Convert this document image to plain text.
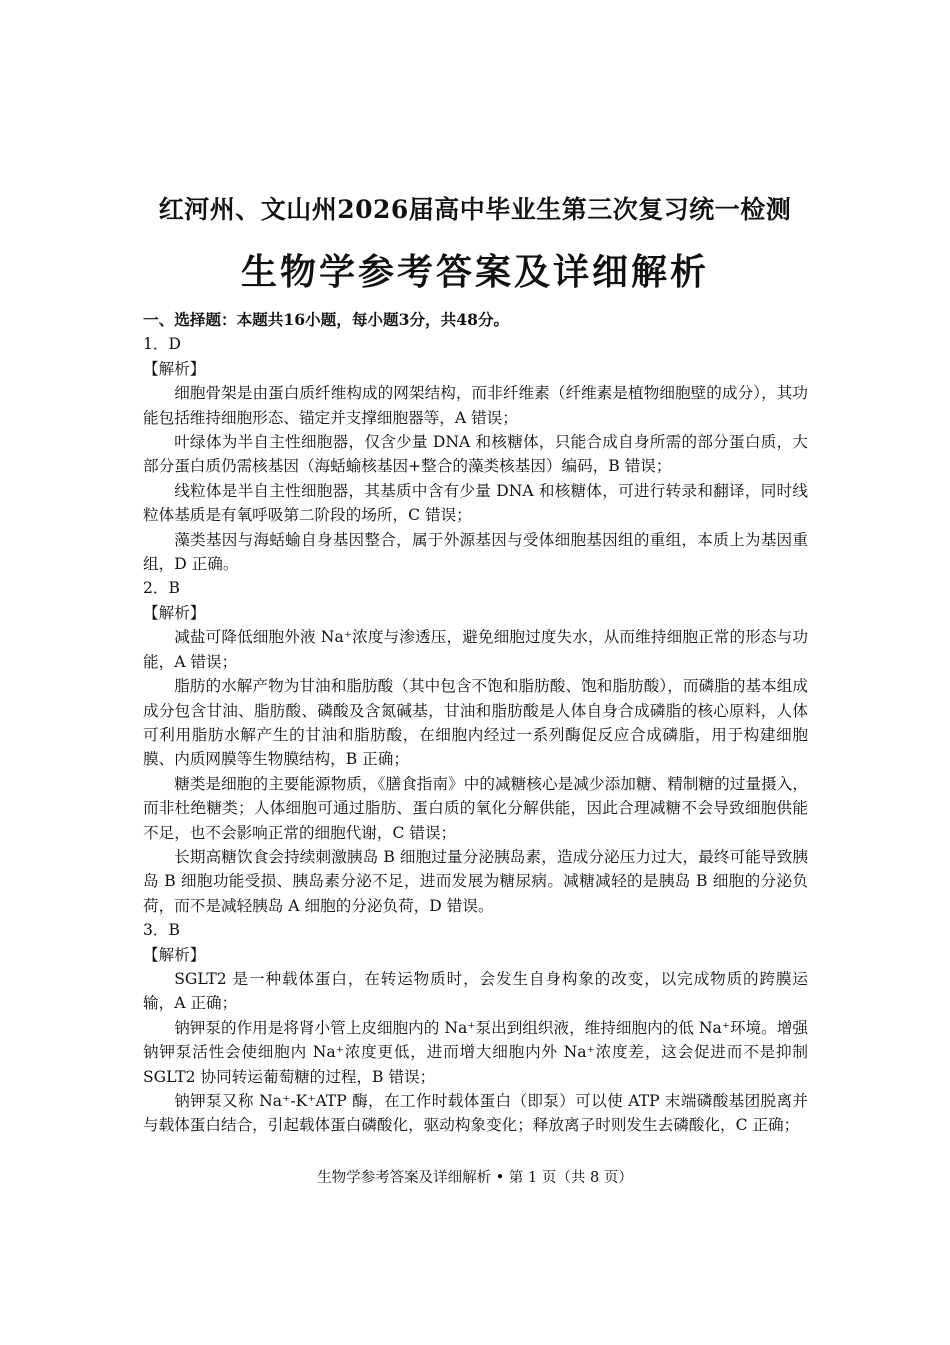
红河州、文山州2026届高中毕业生第三次复习统一检测
生物学参考答案及详细解析

一、选择题：本题共16小题，每小题3分，共48分。

1．D

【解析】

细胞骨架是由蛋白质纤维构成的网架结构，而非纤维素（纤维素是植物细胞壁的成分），其功能包括维持细胞形态、锚定并支撑细胞器等，A 错误；

叶绿体为半自主性细胞器，仅含少量 DNA 和核糖体，只能合成自身所需的部分蛋白质，大部分蛋白质仍需核基因（海蛞蝓核基因+整合的藻类核基因）编码，B 错误；

线粒体是半自主性细胞器，其基质中含有少量 DNA 和核糖体，可进行转录和翻译，同时线粒体基质是有氧呼吸第二阶段的场所，C 错误；

藻类基因与海蛞蝓自身基因整合，属于外源基因与受体细胞基因组的重组，本质上为基因重组，D 正确。

2．B

【解析】

减盐可降低细胞外液 Na⁺浓度与渗透压，避免细胞过度失水，从而维持细胞正常的形态与功能，A 错误；

脂肪的水解产物为甘油和脂肪酸（其中包含不饱和脂肪酸、饱和脂肪酸），而磷脂的基本组成成分包含甘油、脂肪酸、磷酸及含氮碱基，甘油和脂肪酸是人体自身合成磷脂的核心原料，人体可利用脂肪水解产生的甘油和脂肪酸，在细胞内经过一系列酶促反应合成磷脂，用于构建细胞膜、内质网膜等生物膜结构，B 正确；

糖类是细胞的主要能源物质，《膳食指南》中的减糖核心是减少添加糖、精制糖的过量摄入，而非杜绝糖类；人体细胞可通过脂肪、蛋白质的氧化分解供能，因此合理减糖不会导致细胞供能不足，也不会影响正常的细胞代谢，C 错误；

长期高糖饮食会持续刺激胰岛 B 细胞过量分泌胰岛素，造成分泌压力过大，最终可能导致胰岛 B 细胞功能受损、胰岛素分泌不足，进而发展为糖尿病。减糖减轻的是胰岛 B 细胞的分泌负荷，而不是减轻胰岛 A 细胞的分泌负荷，D 错误。

3．B

【解析】

SGLT2 是一种载体蛋白，在转运物质时，会发生自身构象的改变，以完成物质的跨膜运输，A 正确；

钠钾泵的作用是将肾小管上皮细胞内的 Na⁺泵出到组织液，维持细胞内的低 Na⁺环境。增强钠钾泵活性会使细胞内 Na⁺浓度更低，进而增大细胞内外 Na⁺浓度差，这会促进而不是抑制 SGLT2 协同转运葡萄糖的过程，B 错误；

钠钾泵又称 Na⁺-K⁺ATP 酶，在工作时载体蛋白（即泵）可以使 ATP 末端磷酸基团脱离并与载体蛋白结合，引起载体蛋白磷酸化，驱动构象变化；释放离子时则发生去磷酸化，C 正确；

生物学参考答案及详细解析 • 第 1 页（共 8 页）
